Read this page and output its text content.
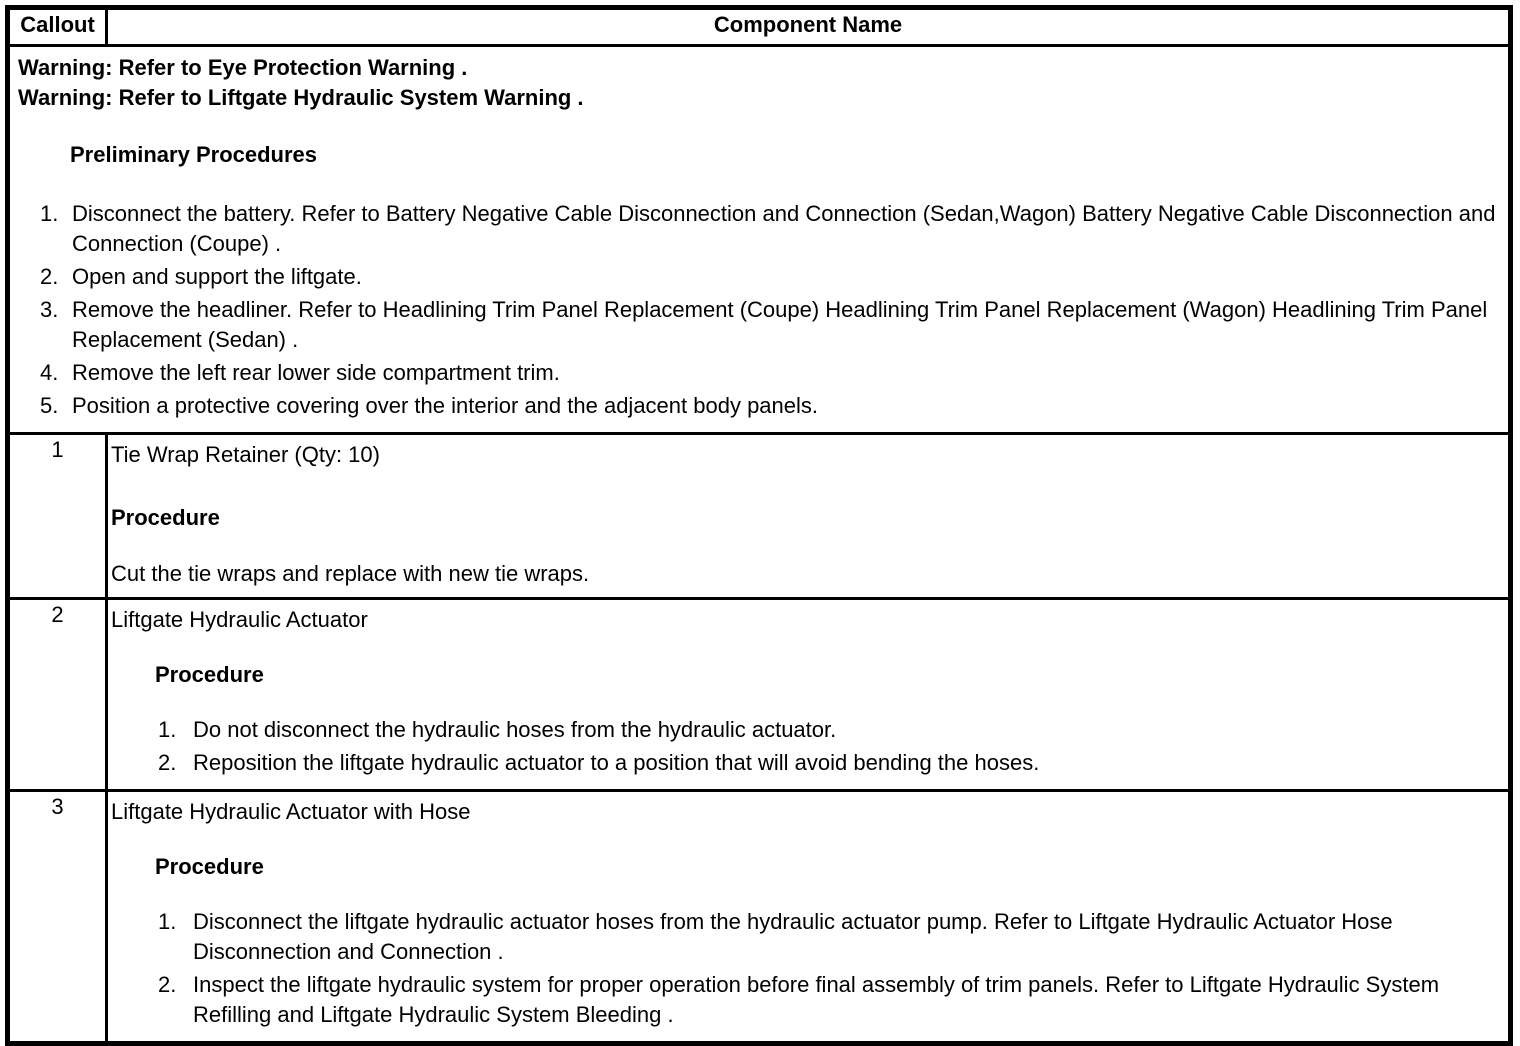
Callout	Component Name

Warning: Refer to Eye Protection Warning .
Warning: Refer to Liftgate Hydraulic System Warning .
Preliminary Procedures
1. Disconnect the battery. Refer to Battery Negative Cable Disconnection and Connection (Sedan,Wagon) Battery Negative Cable Disconnection and Connection (Coupe) .
2. Open and support the liftgate.
3. Remove the headliner. Refer to Headlining Trim Panel Replacement (Coupe) Headlining Trim Panel Replacement (Wagon) Headlining Trim Panel Replacement (Sedan) .
4. Remove the left rear lower side compartment trim.
5. Position a protective covering over the interior and the adjacent body panels.

1	Tie Wrap Retainer (Qty: 10)
Procedure
Cut the tie wraps and replace with new tie wraps.

2	Liftgate Hydraulic Actuator
Procedure
1. Do not disconnect the hydraulic hoses from the hydraulic actuator.
2. Reposition the liftgate hydraulic actuator to a position that will avoid bending the hoses.

3	Liftgate Hydraulic Actuator with Hose
Procedure
1. Disconnect the liftgate hydraulic actuator hoses from the hydraulic actuator pump. Refer to Liftgate Hydraulic Actuator Hose Disconnection and Connection .
2. Inspect the liftgate hydraulic system for proper operation before final assembly of trim panels. Refer to Liftgate Hydraulic System Refilling and Liftgate Hydraulic System Bleeding .
